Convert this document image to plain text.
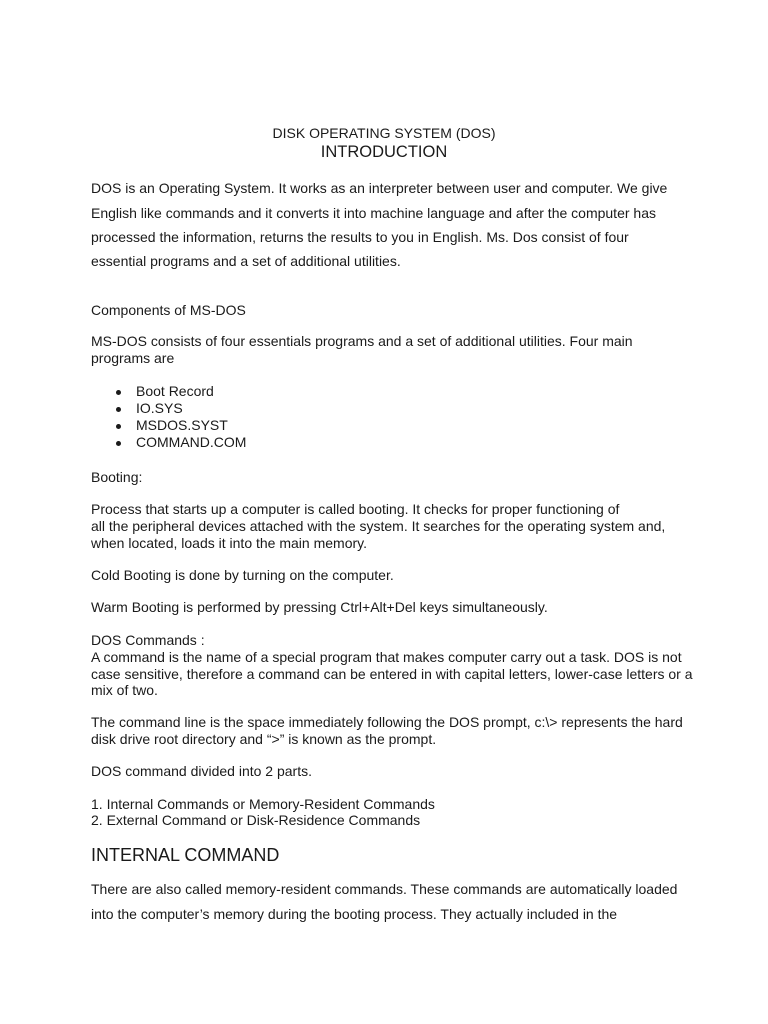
DISK OPERATING SYSTEM (DOS)

INTRODUCTION

DOS is an Operating System. It works as an interpreter between user and computer. We give

English like commands and it converts it into machine language and after the computer has

processed the information, returns the results to you in English. Ms. Dos consist of four

essential programs and a set of additional utilities.

Components of MS-DOS

MS-DOS consists of four essentials programs and a set of additional utilities. Four main

programs are

Boot Record
IO.SYS
MSDOS.SYST
COMMAND.COM

Booting:

Process that starts up a computer is called booting. It checks for proper functioning of

all the peripheral devices attached with the system. It searches for the operating system and,

when located, loads it into the main memory.

Cold Booting is done by turning on the computer.

Warm Booting is performed by pressing Ctrl+Alt+Del keys simultaneously.

DOS Commands :

A command is the name of a special program that makes computer carry out a task. DOS is not

case sensitive, therefore a command can be entered in with capital letters, lower-case letters or a

mix of two.

The command line is the space immediately following the DOS prompt, c:\> represents the hard

disk drive root directory and “>” is known as the prompt.

DOS command divided into 2 parts.

1. Internal Commands or Memory-Resident Commands

2. External Command or Disk-Residence Commands

INTERNAL COMMAND

There are also called memory-resident commands. These commands are automatically loaded

into the computer’s memory during the booting process. They actually included in the
